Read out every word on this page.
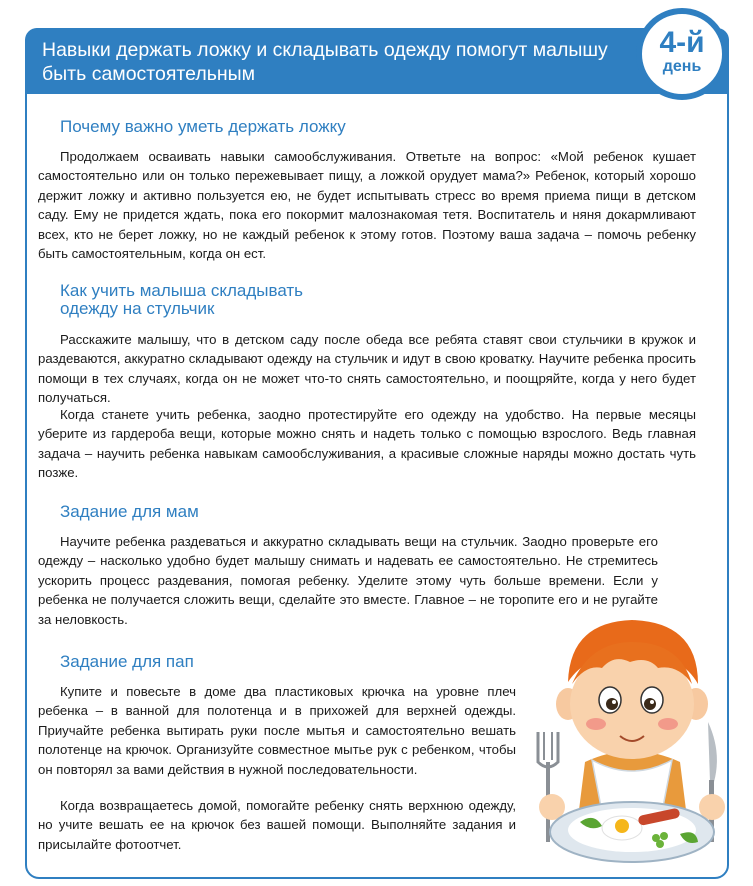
Навыки держать ложку и складывать одежду помогут малышу быть самостоятельным
4-й
день
Почему важно уметь держать ложку

Продолжаем осваивать навыки самообслуживания. Ответьте на вопрос: «Мой ребенок кушает самостоятельно или он только пережевывает пищу, а ложкой орудует мама?» Ребенок, который хорошо держит ложку и активно пользуется ею, не будет испытывать стресс во время приема пищи в детском саду. Ему не придется ждать, пока его покормит малознакомая тетя. Воспитатель и няня докармливают всех, кто не берет ложку, но не каждый ребенок к этому готов. Поэтому ваша задача – помочь ребенку быть самостоятельным, когда он ест.

Как учить малыша складывать
одежду на стульчик

Расскажите малышу, что в детском саду после обеда все ребята ставят свои стульчики в кружок и раздеваются, аккуратно складывают одежду на стульчик и идут в свою кроватку. Научите ребенка просить помощи в тех случаях, когда он не может что-то снять самостоятельно, и поощряйте, когда у него будет получаться.

Когда станете учить ребенка, заодно протестируйте его одежду на удобство. На первые месяцы уберите из гардероба вещи, которые можно снять и надеть только с помощью взрослого. Ведь главная задача – научить ребенка навыкам самообслуживания, а красивые сложные наряды можно достать чуть позже.

Задание для мам

Научите ребенка раздеваться и аккуратно складывать вещи на стульчик. Заодно проверьте его одежду – насколько удобно будет малышу снимать и надевать ее самостоятельно. Не стремитесь ускорить процесс раздевания, помогая ребенку. Уделите этому чуть больше времени. Если у ребенка не получается сложить вещи, сделайте это вместе. Главное – не торопите его и не ругайте за неловкость.

Задание для пап

Купите и повесьте в доме два пластиковых крючка на уровне плеч ребенка – в ванной для полотенца и в прихожей для верхней одежды. Приучайте ребенка вытирать руки после мытья и самостоятельно вешать полотенце на крючок. Организуйте совместное мытье рук с ребенком, чтобы он повторял за вами действия в нужной последовательности.

Когда возвращаетесь домой, помогайте ребенку снять верхнюю одежду, но учите вешать ее на крючок без вашей помощи. Выполняйте задания и присылайте фотоотчет.
